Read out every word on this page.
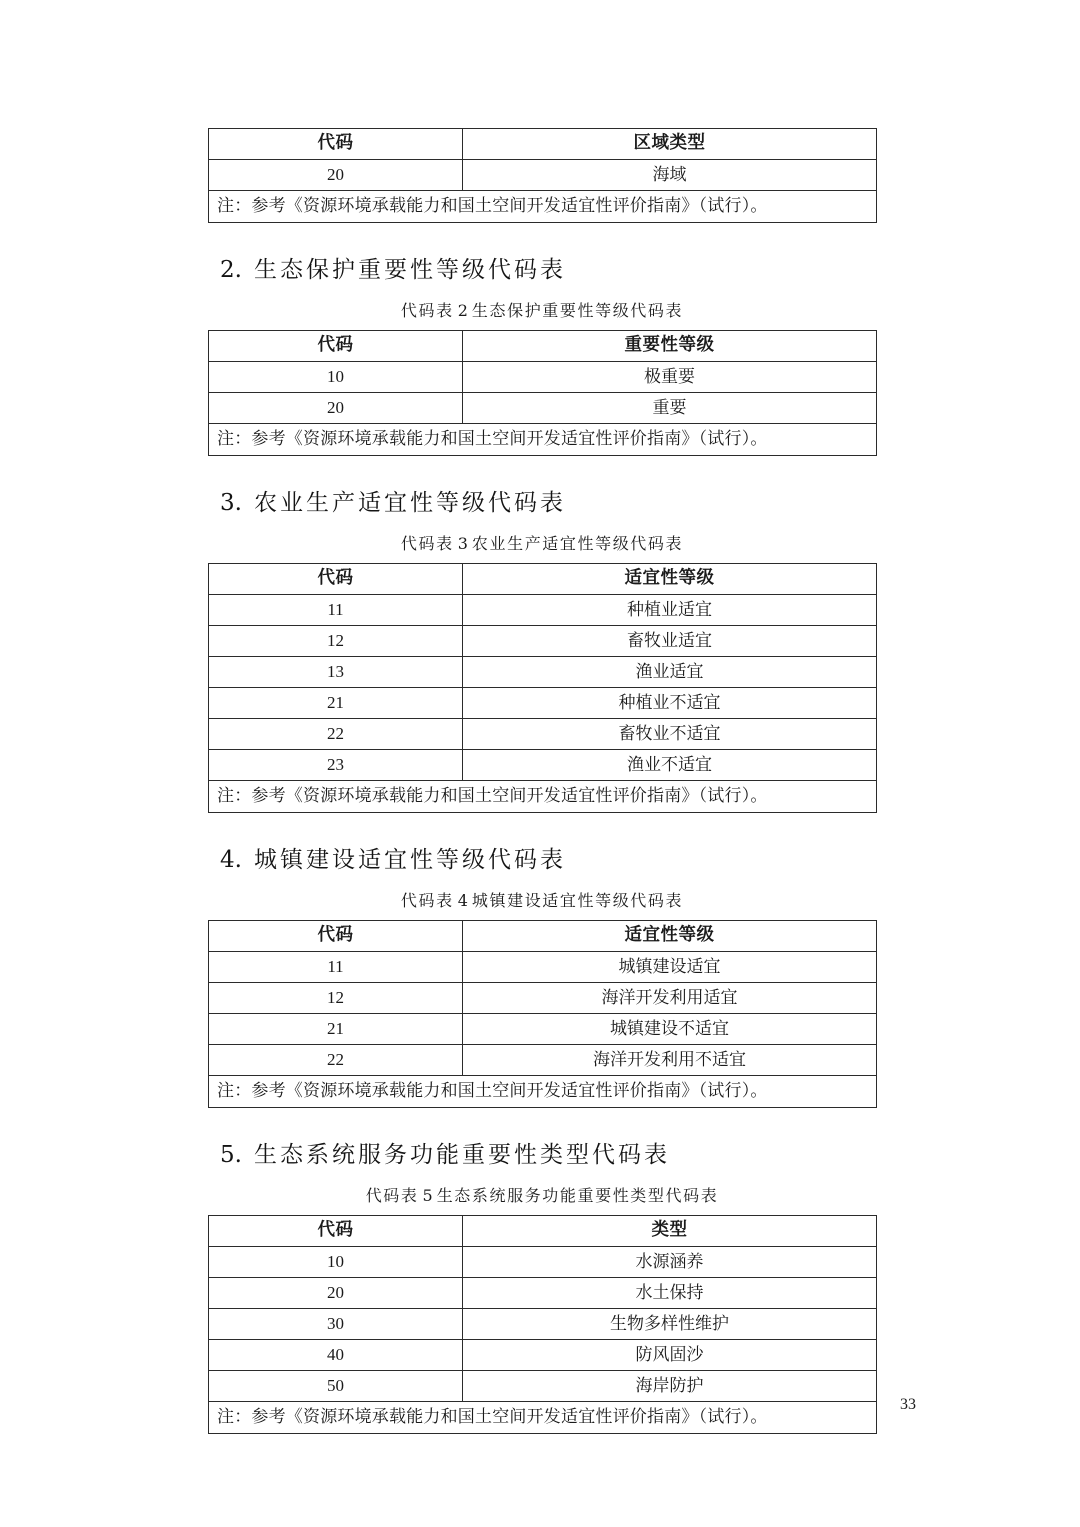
代码	区域类型
20	海域
注：参考《资源环境承载能力和国土空间开发适宜性评价指南》（试行）。	
2. 生态保护重要性等级代码表
代码表 2 生态保护重要性等级代码表
代码	重要性等级
10	极重要
20	重要
注：参考《资源环境承载能力和国土空间开发适宜性评价指南》（试行）。	
3. 农业生产适宜性等级代码表
代码表 3 农业生产适宜性等级代码表
代码	适宜性等级
11	种植业适宜
12	畜牧业适宜
13	渔业适宜
21	种植业不适宜
22	畜牧业不适宜
23	渔业不适宜
注：参考《资源环境承载能力和国土空间开发适宜性评价指南》（试行）。	
4. 城镇建设适宜性等级代码表
代码表 4 城镇建设适宜性等级代码表
代码	适宜性等级
11	城镇建设适宜
12	海洋开发利用适宜
21	城镇建设不适宜
22	海洋开发利用不适宜
注：参考《资源环境承载能力和国土空间开发适宜性评价指南》（试行）。	
5. 生态系统服务功能重要性类型代码表
代码表 5 生态系统服务功能重要性类型代码表
代码	类型
10	水源涵养
20	水土保持
30	生物多样性维护
40	防风固沙
50	海岸防护
注：参考《资源环境承载能力和国土空间开发适宜性评价指南》（试行）。	
33
